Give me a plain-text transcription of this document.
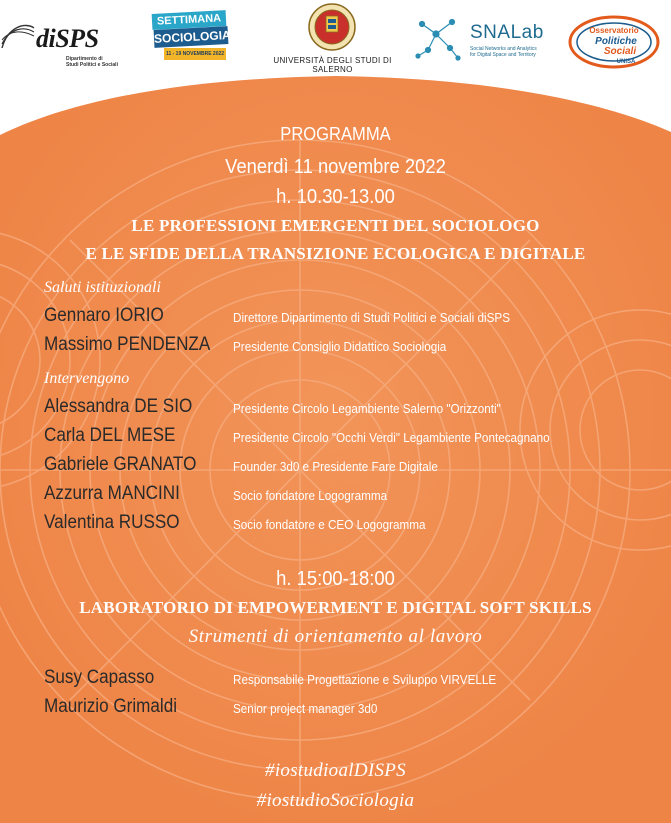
diSPS
Dipartimento di
Studi Politici e Sociali
SETTIMANA
SOCIOLOGIA
11 - 19 NOVEMBRE 2022
UNIVERSITÀ DEGLI STUDI DI SALERNO
SNALab
Social Networks and Analytics
for Digital Space and Territory
Osservatorio
Politiche
Sociali
UNISA
PROGRAMMA
Venerdì 11 novembre 2022
h. 10.30-13.00
LE PROFESSIONI EMERGENTI DEL SOCIOLOGO
E LE SFIDE DELLA TRANSIZIONE ECOLOGICA E DIGITALE
Saluti istituzionali
Gennaro IORIO	Direttore Dipartimento di Studi Politici e Sociali diSPS
Massimo PENDENZA Presidente Consiglio Didattico Sociologia
Intervengono
Alessandra DE SIO	Presidente Circolo Legambiente Salerno "Orizzonti"
Carla DEL MESE	Presidente Circolo "Occhi Verdi" Legambiente Pontecagnano
Gabriele GRANATO	Founder 3d0 e Presidente Fare Digitale
Azzurra MANCINI	Socio fondatore Logogramma
Valentina RUSSO	Socio fondatore e CEO Logogramma
h. 15:00-18:00
LABORATORIO DI EMPOWERMENT E DIGITAL SOFT SKILLS
Strumenti di orientamento al lavoro
Susy Capasso	Responsabile Progettazione e Sviluppo VIRVELLE
Maurizio Grimaldi	Senior project manager 3d0
#iostudioalDISPS
#iostudioSociologia
